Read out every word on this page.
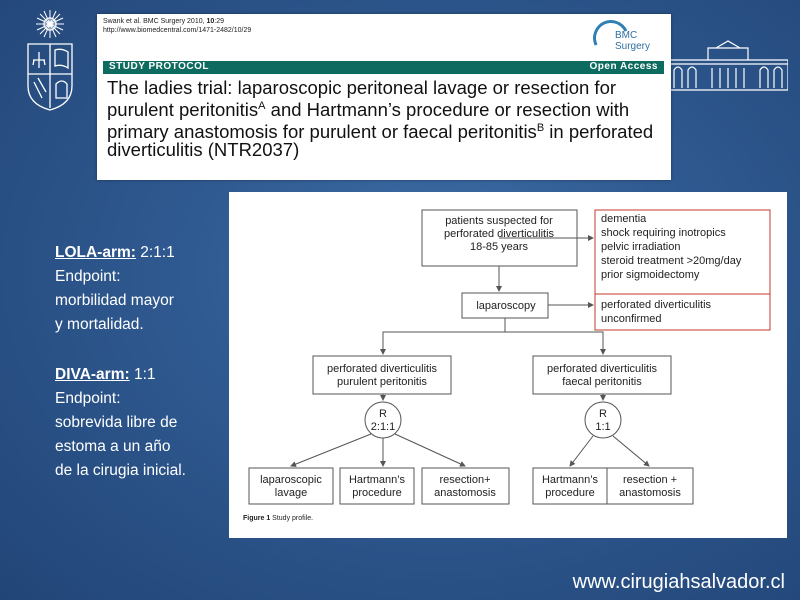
Swank et al. BMC Surgery 2010, 10:29
http://www.biomedcentral.com/1471-2482/10/29	BMC
Surgery
STUDY PROTOCOL	Open Access
The ladies trial: laparoscopic peritoneal lavage or resection for purulent peritonitis$^A$ and Hartmann’s procedure or resection with primary anastomosis for purulent or faecal peritonitis$^B$ in perforated diverticulitis (NTR2037)
LOLA-arm: 2:1:1
Endpoint:
morbilidad mayor
y mortalidad.
DIVA-arm: 1:1
Endpoint:
sobrevida libre de
estoma a un año
de la cirugia inicial.
patients suspected for
perforated diverticulitis
18-85 years
laparoscopy
perforated diverticulitis
purulent peritonitis
perforated diverticulitis
faecal peritonitis
R
2:1:1
R
1:1
laparoscopic
lavage
Hartmann’s
procedure
resection+
anastomosis
Hartmann’s
procedure
resection +
anastomosis
dementia
shock requiring inotropics
pelvic irradiation
steroid treatment >20mg/day
prior sigmoidectomy
perforated diverticulitis
unconfirmed
Figure 1 Study profile.
www.cirugiahsalvador.cl
